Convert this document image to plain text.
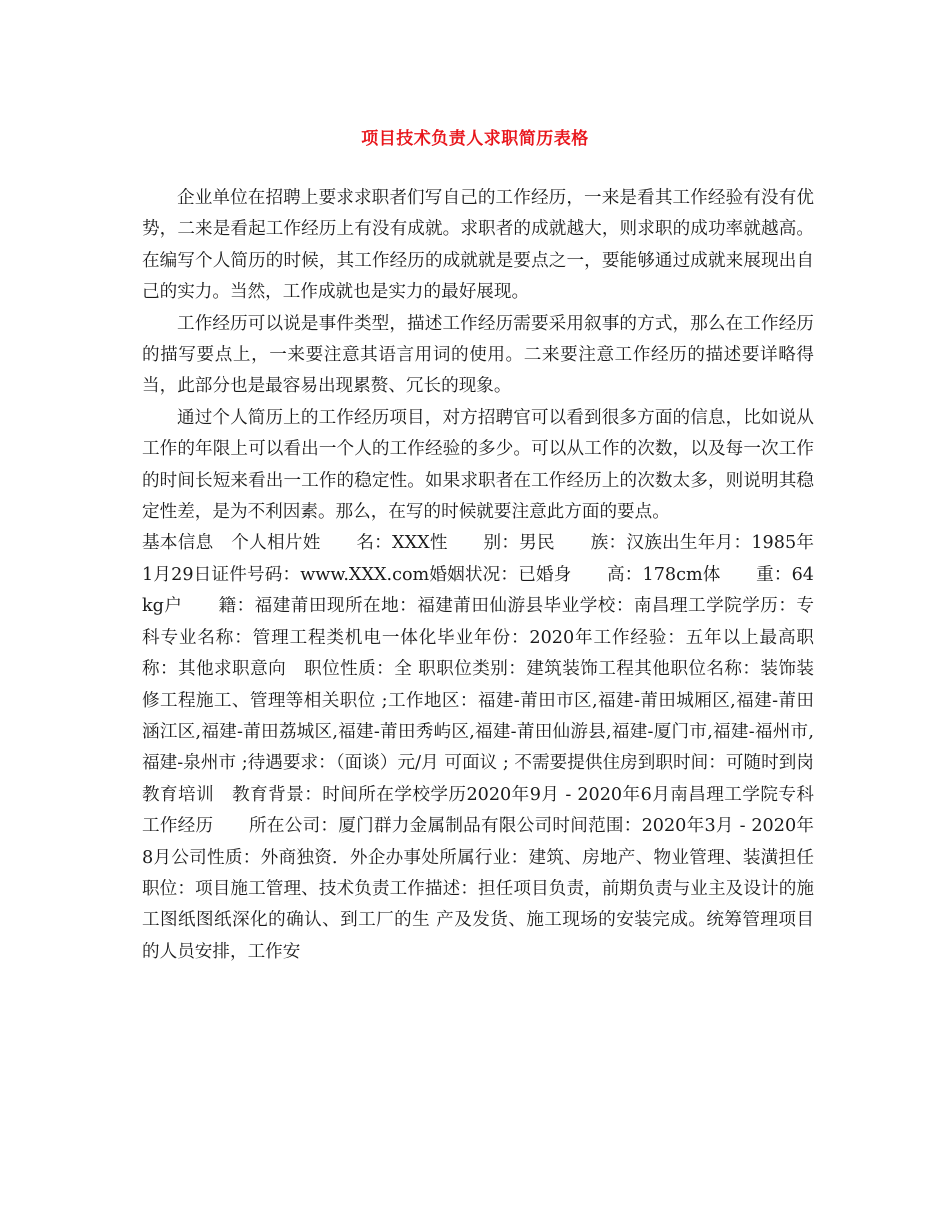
项目技术负责人求职简历表格

企业单位在招聘上要求求职者们写自己的工作经历，一来是看其工作经验有没有优势，二来是看起工作经历上有没有成就。求职者的成就越大，则求职的成功率就越高。在编写个人简历的时候，其工作经历的成就就是要点之一，要能够通过成就来展现出自己的实力。当然，工作成就也是实力的最好展现。

工作经历可以说是事件类型，描述工作经历需要采用叙事的方式，那么在工作经历的描写要点上，一来要注意其语言用词的使用。二来要注意工作经历的描述要详略得当，此部分也是最容易出现累赘、冗长的现象。

通过个人简历上的工作经历项目，对方招聘官可以看到很多方面的信息，比如说从工作的年限上可以看出一个人的工作经验的多少。可以从工作的次数，以及每一次工作的时间长短来看出一工作的稳定性。如果求职者在工作经历上的次数太多，则说明其稳定性差，是为不利因素。那么，在写的时候就要注意此方面的要点。

基本信息　个人相片姓　　名：XXX性　　别：男民　　族：汉族出生年月：1985年1月29日证件号码：www.XXX.com婚姻状况：已婚身　　高：178cm体　　重：64kg户　　籍：福建莆田现所在地：福建莆田仙游县毕业学校：南昌理工学院学历：专科专业名称：管理工程类机电一体化毕业年份：2020年工作经验：五年以上最高职称：其他求职意向　职位性质：全 职职位类别：建筑装饰工程其他职位名称：装饰装修工程施工、管理等相关职位 ;工作地区：福建-莆田市区,福建-莆田城厢区,福建-莆田涵江区,福建-莆田荔城区,福建-莆田秀屿区,福建-莆田仙游县,福建-厦门市,福建-福州市,福建-泉州市 ;待遇要求：（面谈）元/月 可面议 ; 不需要提供住房到职时间：可随时到岗教育培训　教育背景：时间所在学校学历2020年9月 - 2020年6月南昌理工学院专科工作经历　　所在公司：厦门群力金属制品有限公司时间范围：2020年3月 - 2020年8月公司性质：外商独资．外企办事处所属行业：建筑、房地产、物业管理、装潢担任职位：项目施工管理、技术负责工作描述：担任项目负责，前期负责与业主及设计的施工图纸图纸深化的确认、到工厂的生 产及发货、施工现场的安装完成。统筹管理项目的人员安排，工作安
